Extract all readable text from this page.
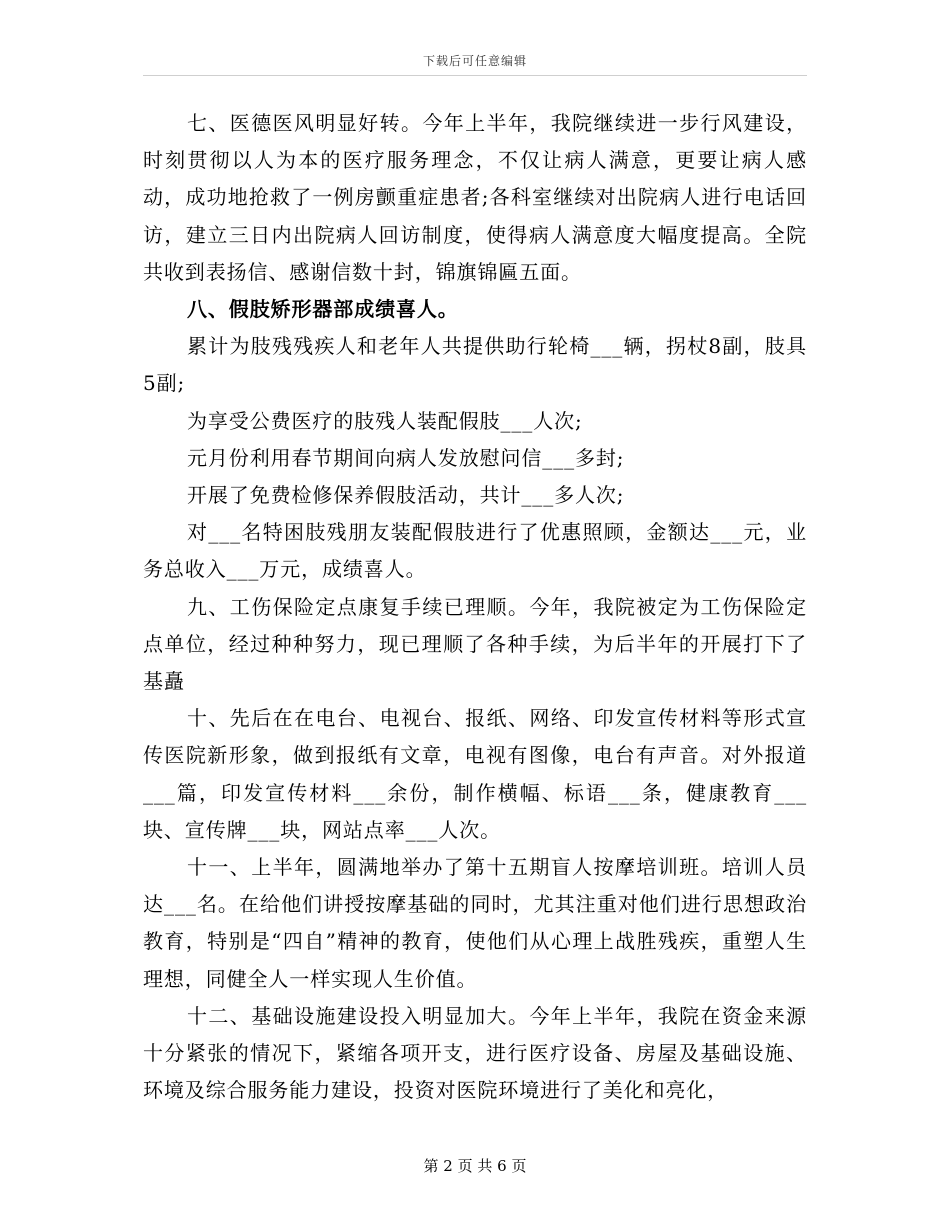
下载后可任意编辑

七、医德医风明显好转。今年上半年，我院继续进一步行风建设，时刻贯彻以人为本的医疗服务理念，不仅让病人满意，更要让病人感动，成功地抢救了一例房颤重症患者;各科室继续对出院病人进行电话回访，建立三日内出院病人回访制度，使得病人满意度大幅度提高。全院共收到表扬信、感谢信数十封，锦旗锦匾五面。

八、假肢矫形器部成绩喜人。

累计为肢残残疾人和老年人共提供助行轮椅___辆，拐杖8副，肢具5副;

为享受公费医疗的肢残人装配假肢___人次;

元月份利用春节期间向病人发放慰问信___多封;

开展了免费检修保养假肢活动，共计___多人次;

对___名特困肢残朋友装配假肢进行了优惠照顾，金额达___元，业务总收入___万元，成绩喜人。

九、工伤保险定点康复手续已理顺。今年，我院被定为工伤保险定点单位，经过种种努力，现已理顺了各种手续，为后半年的开展打下了基矗

十、先后在在电台、电视台、报纸、网络、印发宣传材料等形式宣传医院新形象，做到报纸有文章，电视有图像，电台有声音。对外报道___篇，印发宣传材料___余份，制作横幅、标语___条，健康教育___块、宣传牌___块，网站点率___人次。

十一、上半年，圆满地举办了第十五期盲人按摩培训班。培训人员达___名。在给他们讲授按摩基础的同时，尤其注重对他们进行思想政治教育，特别是“四自”精神的教育，使他们从心理上战胜残疾，重塑人生理想，同健全人一样实现人生价值。

十二、基础设施建设投入明显加大。今年上半年，我院在资金来源十分紧张的情况下，紧缩各项开支，进行医疗设备、房屋及基础设施、环境及综合服务能力建设，投资对医院环境进行了美化和亮化，

第 2 页 共 6 页
